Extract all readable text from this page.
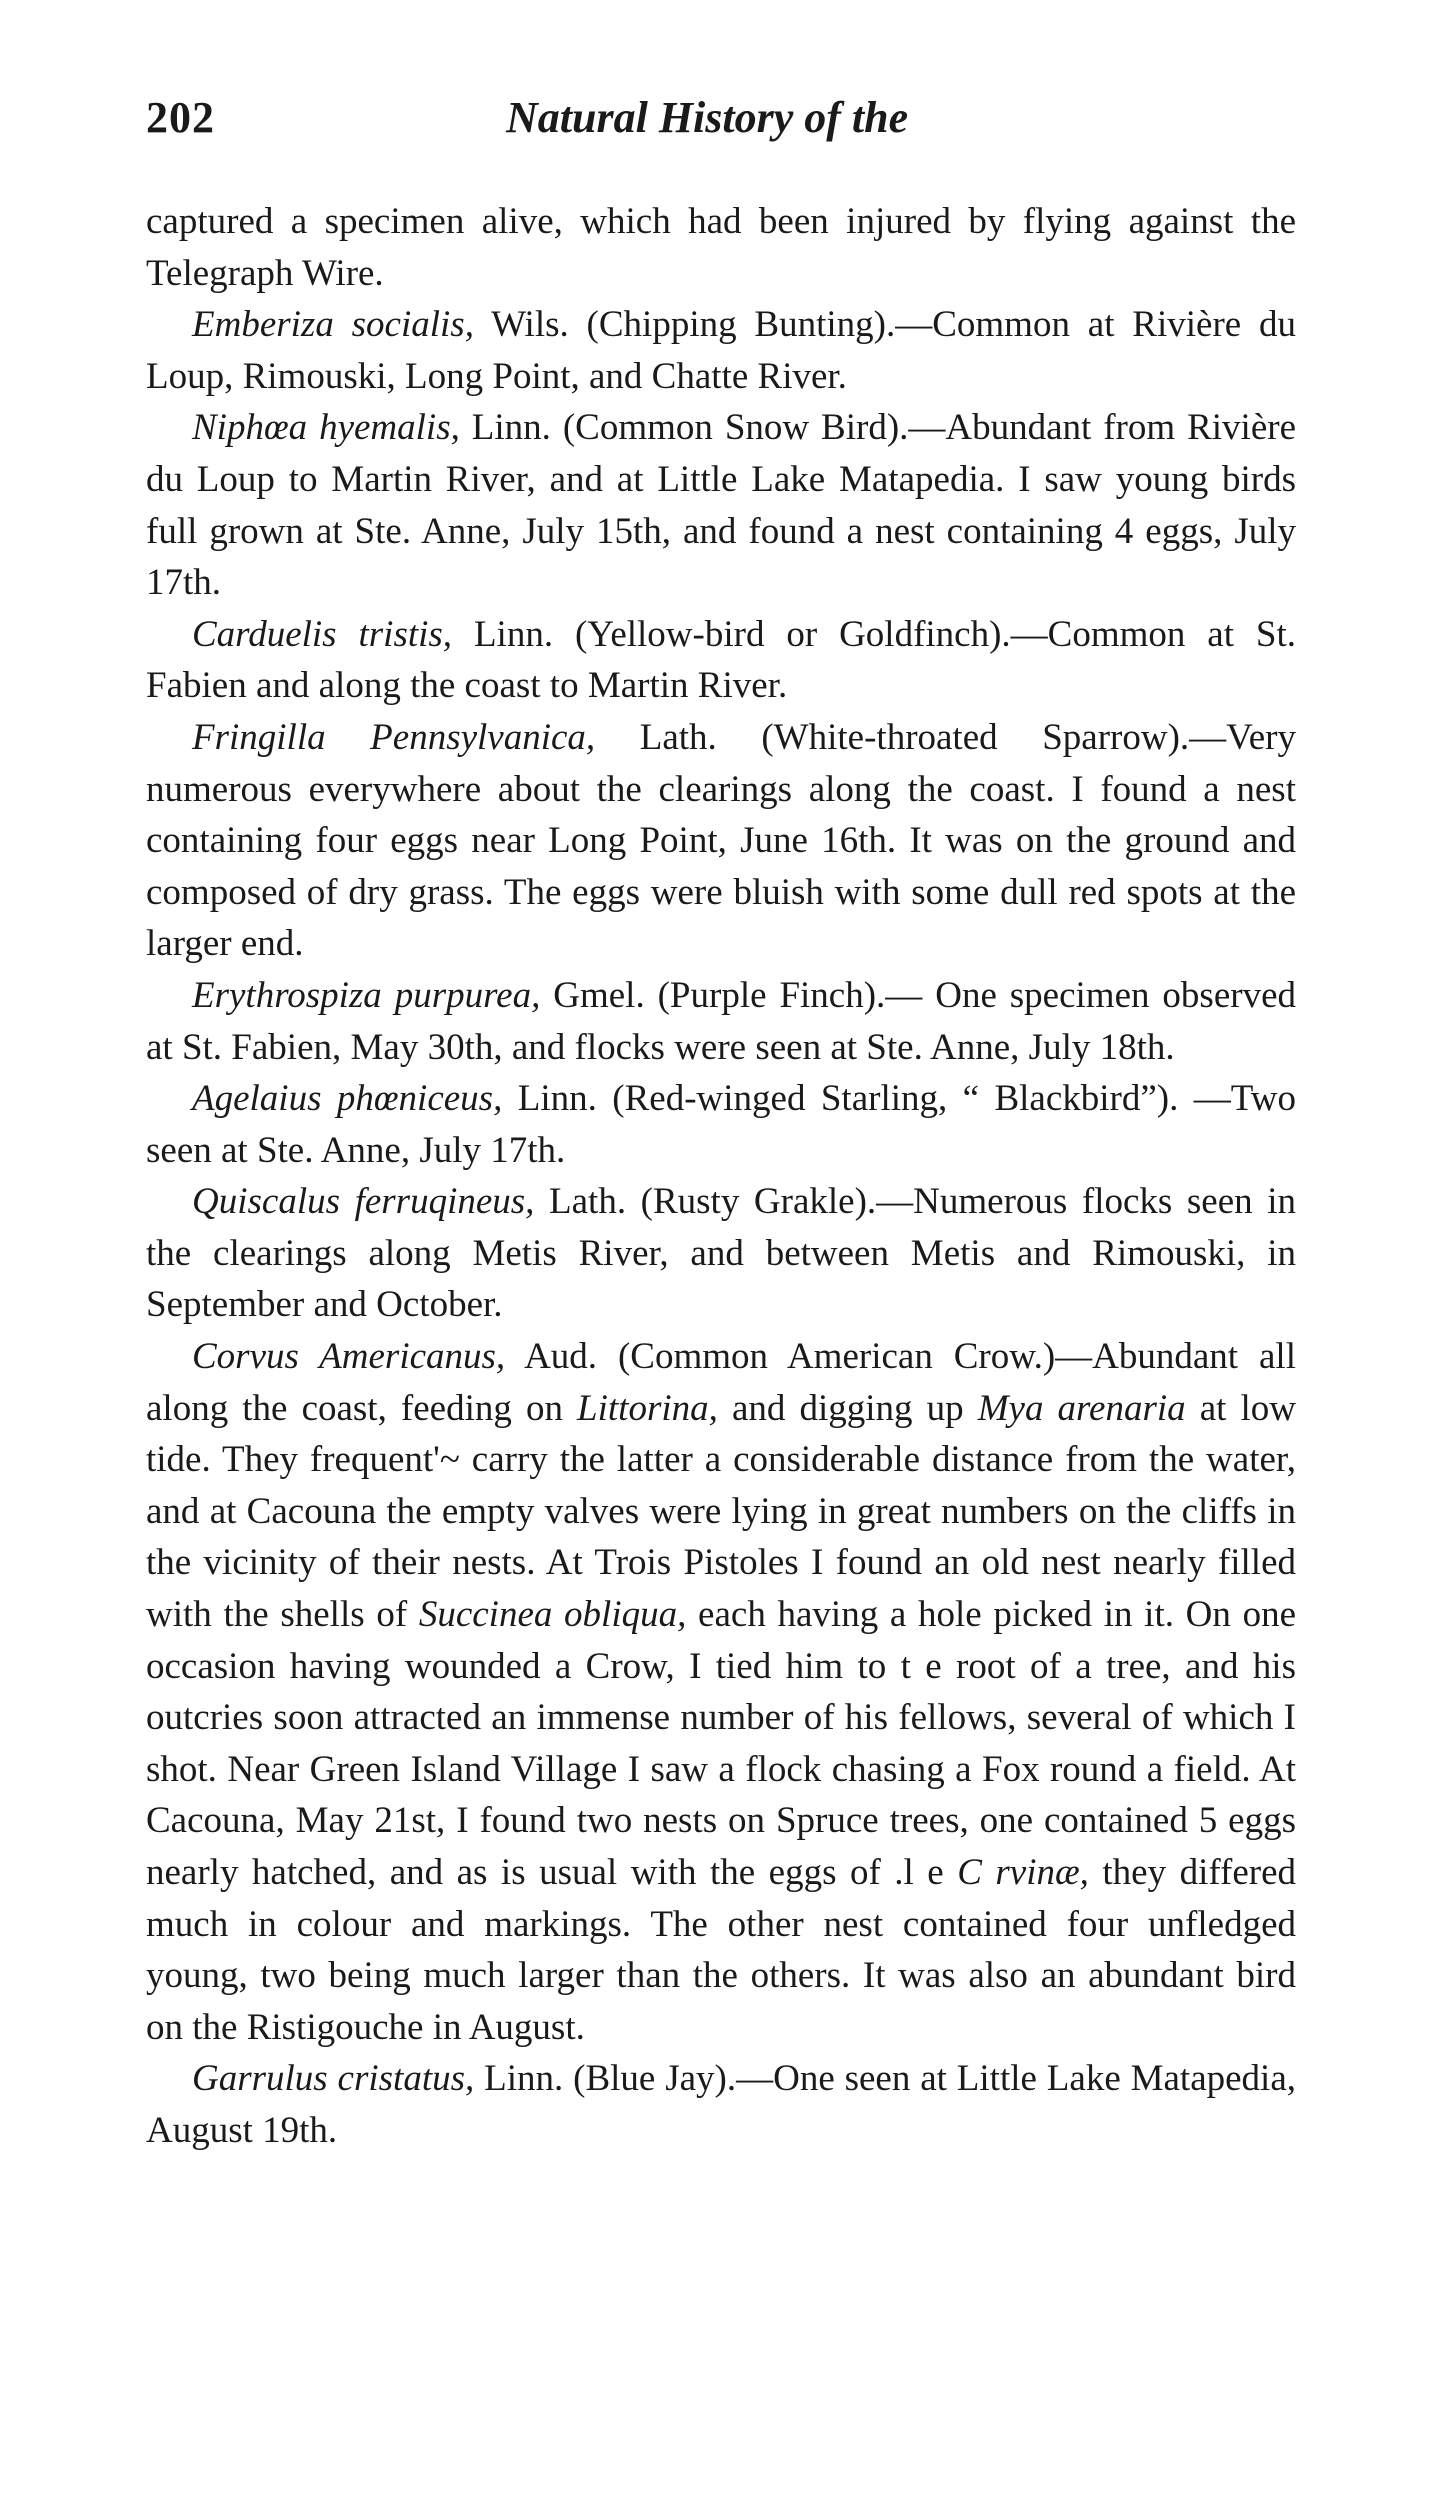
202	Natural History of the

captured a specimen alive, which had been injured by flying against the Telegraph Wire.

Emberiza socialis, Wils. (Chipping Bunting).—Common at Rivière du Loup, Rimouski, Long Point, and Chatte River.

Niphœa hyemalis, Linn. (Common Snow Bird).—Abundant from Rivière du Loup to Martin River, and at Little Lake Matapedia. I saw young birds full grown at Ste. Anne, July 15th, and found a nest containing 4 eggs, July 17th.

Carduelis tristis, Linn. (Yellow-bird or Goldfinch).—Common at St. Fabien and along the coast to Martin River.

Fringilla Pennsylvanica, Lath. (White-throated Sparrow).—Very numerous everywhere about the clearings along the coast. I found a nest containing four eggs near Long Point, June 16th. It was on the ground and composed of dry grass. The eggs were bluish with some dull red spots at the larger end.

Erythrospiza purpurea, Gmel. (Purple Finch).— One specimen observed at St. Fabien, May 30th, and flocks were seen at Ste. Anne, July 18th.

Agelaius phœniceus, Linn. (Red-winged Starling, “ Blackbird”). —Two seen at Ste. Anne, July 17th.

Quiscalus ferruqineus, Lath. (Rusty Grakle).—Numerous flocks seen in the clearings along Metis River, and between Metis and Rimouski, in September and October.

Corvus Americanus, Aud. (Common American Crow.)—Abundant all along the coast, feeding on Littorina, and digging up Mya arenaria at low tide. They frequent'~ carry the latter a considerable distance from the water, and at Cacouna the empty valves were lying in great numbers on the cliffs in the vicinity of their nests. At Trois Pistoles I found an old nest nearly filled with the shells of Succinea obliqua, each having a hole picked in it. On one occasion having wounded a Crow, I tied him to t e root of a tree, and his outcries soon attracted an immense number of his fellows, several of which I shot. Near Green Island Village I saw a flock chasing a Fox round a field. At Cacouna, May 21st, I found two nests on Spruce trees, one contained 5 eggs nearly hatched, and as is usual with the eggs of .l e C rvinæ, they differed much in colour and markings. The other nest contained four unfledged young, two being much larger than the others. It was also an abundant bird on the Ristigouche in August.

Garrulus cristatus, Linn. (Blue Jay).—One seen at Little Lake Matapedia, August 19th.
